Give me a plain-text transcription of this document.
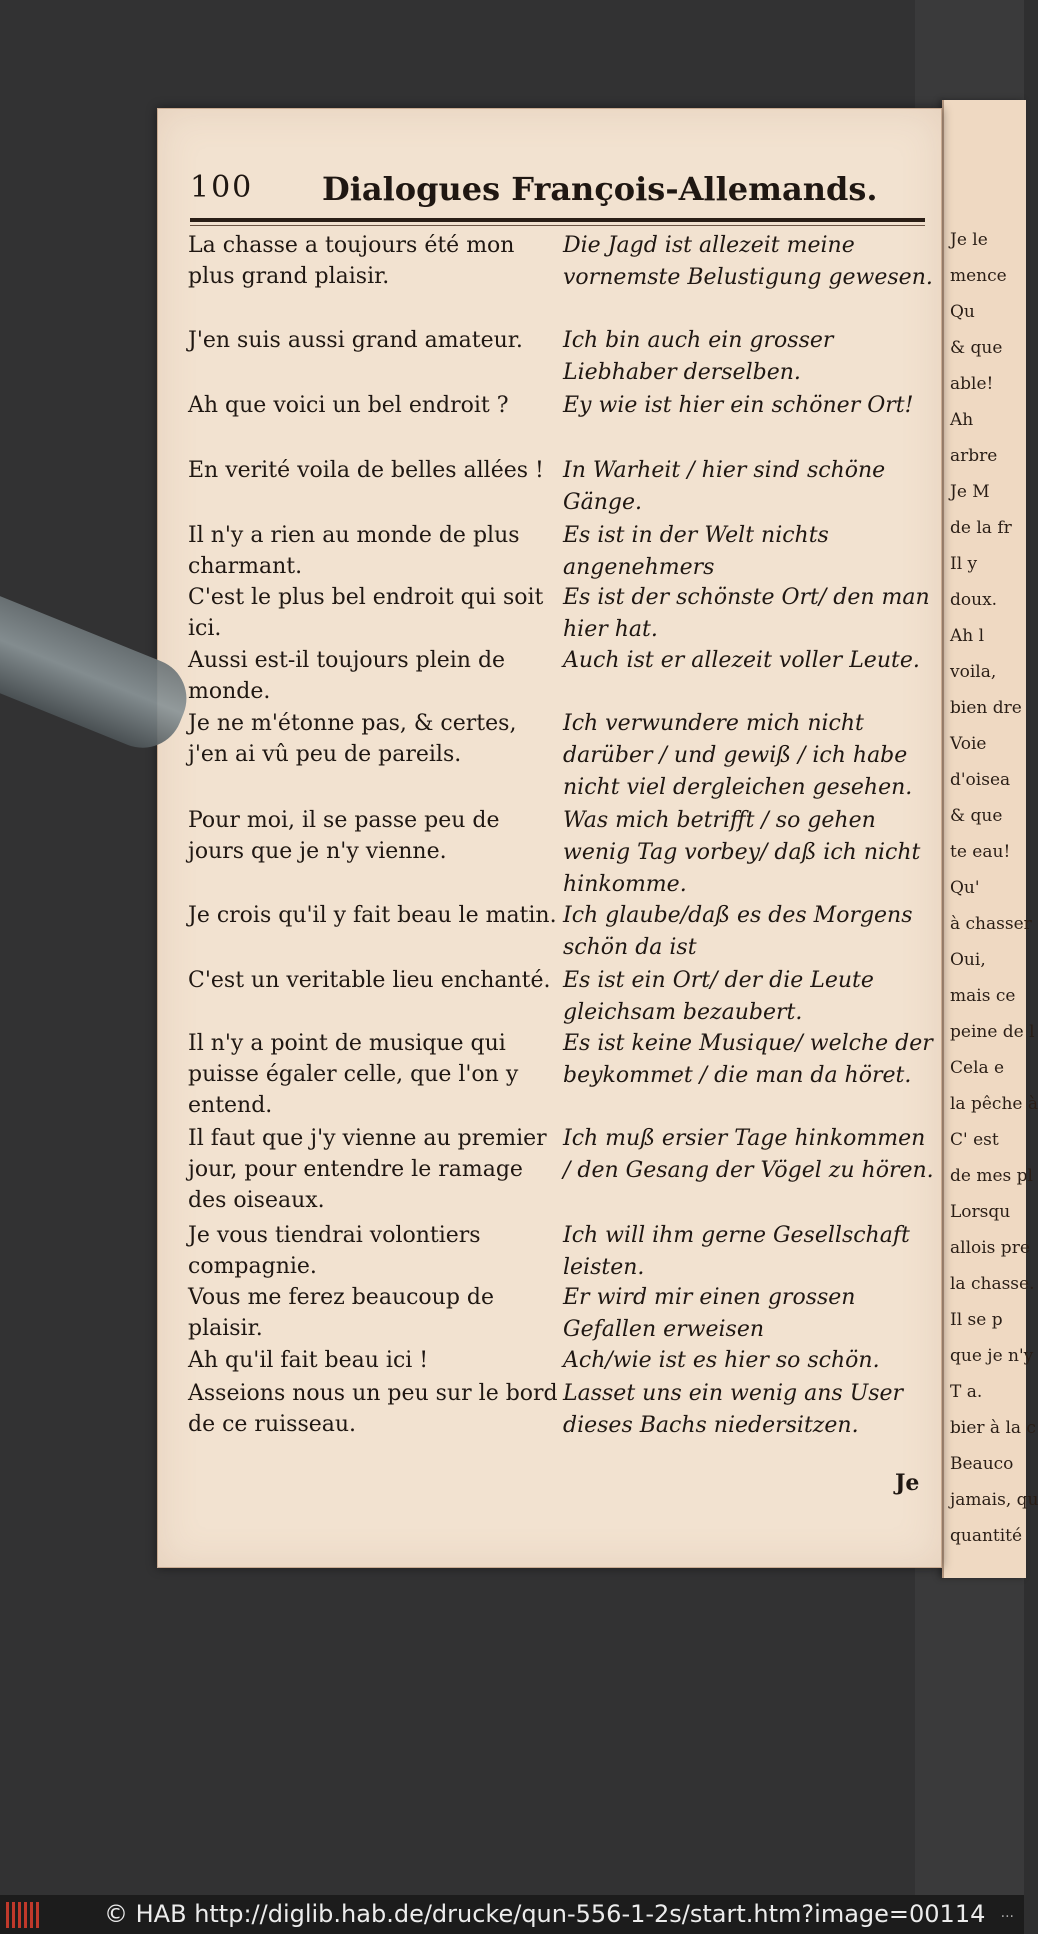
Je le
mence
Qu
& que
able!
Ah
arbre
Je M
de la fr
Il y
doux.
Ah l
voila,
bien dre
Voie
d'oisea
& que
te eau!
Qu'
à chasser
Oui,
mais ce
peine de l
Cela e
la pêche à
C' est
de mes pl
Lorsqu
allois pre
la chasse.
Il se p
que je n'y
T a.
bier à la c
Beauco
jamais, qu
quantité
100 Dialogues François-Allemands.
La chasse a toujours été mon plus grand plaisir.
J'en suis aussi grand amateur.
Ah que voici un bel endroit ?
En verité voila de belles allées !
Il n'y a rien au monde de plus charmant.
C'est le plus bel endroit qui soit ici.
Aussi est-il toujours plein de monde.
Je ne m'étonne pas, & certes, j'en ai vû peu de pareils.
Pour moi, il se passe peu de jours que je n'y vienne.
Je crois qu'il y fait beau le matin.
C'est un veritable lieu enchanté.
Il n'y a point de musique qui puisse égaler celle, que l'on y entend.
Il faut que j'y vienne au premier jour, pour entendre le ramage des oiseaux.
Je vous tiendrai volontiers compagnie.
Vous me ferez beaucoup de plaisir.
Ah qu'il fait beau ici !
Asseions nous un peu sur le bord de ce ruisseau.
Die Jagd ist allezeit meine vornemste Belustigung gewesen.
Ich bin auch ein grosser Liebhaber derselben.
Ey wie ist hier ein schöner Ort!
In Warheit / hier sind schöne Gänge.
Es ist in der Welt nichts angenehmers
Es ist der schönste Ort/ den man hier hat.
Auch ist er allezeit voller Leute.
Ich verwundere mich nicht darüber / und gewiß / ich habe nicht viel dergleichen gesehen.
Was mich betrifft / so gehen wenig Tag vorbey/ daß ich nicht hinkomme.
Ich glaube/daß es des Morgens schön da ist
Es ist ein Ort/ der die Leute gleichsam bezaubert.
Es ist keine Musique/ welche der beykommet / die man da höret.
Ich muß ersier Tage hinkommen / den Gesang der Vögel zu hören.
Ich will ihm gerne Gesellschaft leisten.
Er wird mir einen grossen Gefallen erweisen
Ach/wie ist es hier so schön.
Lasset uns ein wenig ans User dieses Bachs niedersitzen.
Je
© HAB http://diglib.hab.de/drucke/qun-556-1-2s/start.htm?image=00114 ...
